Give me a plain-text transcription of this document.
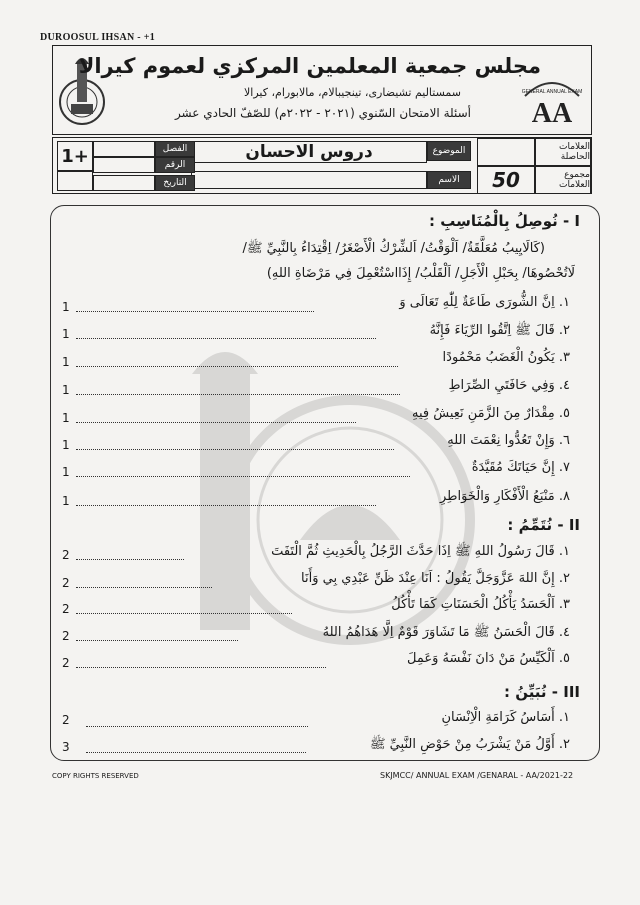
DUROOSUL IHSAN - +1
مجلس جمعية المعلمين المركزي لعموم كيرالا
سمستاليم تشيضارى، تينجيبالام، مالابورام، كيرالا
أسئلة الامتحان السّنوي (٢٠٢١ - ٢٠٢٢م) للصّفّ الحادي عشر AA
GENERAL ANNUAL EXAM
العلامات الحاصلة
مجموع العلامات
50
الموضوع
دروس الاحسان
الاسم
الفصل
الرقم
التاريخ
+1
I - نُوصِلُ بِالْمُنَاسِبِ :
(كَالَايِيبُ مُعَلَّقَةٌ/ اَلْوَقْتُ/ اَلشِّرْكُ الْأَصْغَرُ/ اِقْتِدَاءُ بِالنَّبِيِّ ﷺ/
لَاتُحْصُوهَا/ بِحَبْلِ الْأَجَلِ/ اَلْقَلْبُ/ إِذَااسْتُعْمِلَ فِي مَرْضَاةِ اللهِ)
١. اِنَّ الشُّورَى طَاعَةٌ لِلّٰهِ تَعَالَى وَ
1
٢. قَالَ ﷺ اِتَّقُوا الرِّيَاءَ فَإِنَّهُ
1
٣. يَكُونُ الْغَضَبُ مَحْمُودًا
1
٤. وَفِي حَافَتَيِ الصِّرَاطِ
1
٥. مِقْدَارٌ مِنَ الزَّمَنِ نَعِيشُ فِيهِ
1
٦. وَإِنْ تَعُدُّوا نِعْمَتَ اللهِ
1
٧. إِنَّ حَيَاتَكَ مُقَيَّدَةٌ
1
٨. مَنْبَعُ الْأَفْكَارِ وَالْخَوَاطِرِ
1
II - نُتَمِّمُ :
١. قَالَ رَسُولُ اللهِ ﷺ اِذَا حَدَّثَ الرَّجُلُ بِالْحَدِيثِ ثُمَّ الْتَفَتَ
2
٢. إِنَّ اللهَ عَزَّوَجَلَّ يَقُولُ : اَنَا عِنْدَ ظَنِّ عَبْدِي بِي وَأَنَا
2
٣. اَلْحَسَدُ يَأْكُلُ الْحَسَنَاتِ كَمَا تَأْكُلُ
2
٤. قَالَ الْحَسَنُ ﷺ مَا تَشَاوَرَ قَوْمٌ اِلَّا هَدَاهُمُ اللهُ
2
٥. اَلْكَيِّسُ مَنْ دَانَ نَفْسَهُ وَعَمِلَ
2
III - نُبَيِّنُ :
١. أَسَاسُ كَرَامَةِ الْاِنْسَانِ
2
٢. أَوَّلُ مَنْ يَشْرَبُ مِنْ حَوْضِ النَّبِيِّ ﷺ
3
COPY RIGHTS RESERVED	SKJMCC/ ANNUAL EXAM /GENARAL - AA/2021-22
